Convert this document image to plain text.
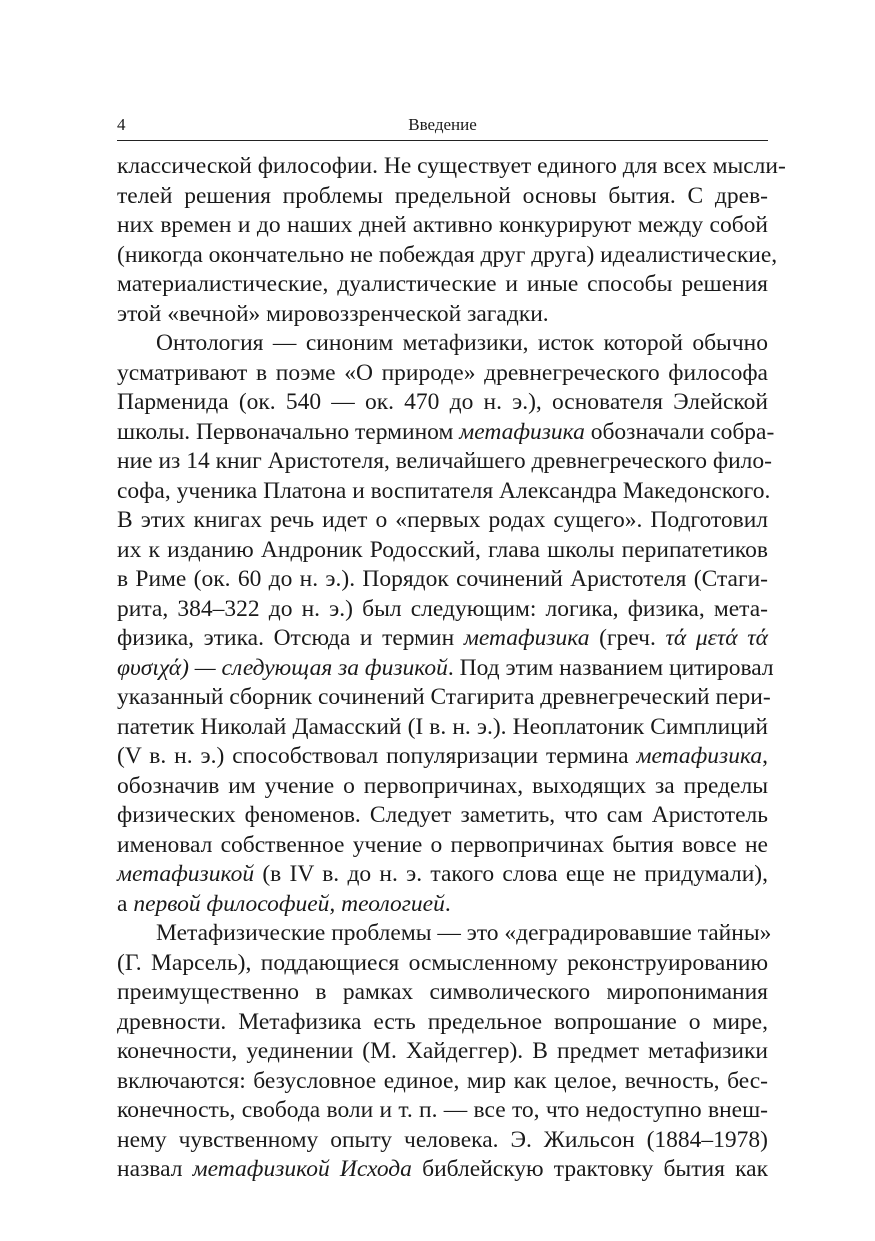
4	Введение
классической философии. Не существует единого для всех мысли-
телей решения проблемы предельной основы бытия. С древ-
них времен и до наших дней активно конкурируют между собой
(никогда окончательно не побеждая друг друга) идеалистические,
материалистические, дуалистические и иные способы решения
этой «вечной» мировоззренческой загадки.
Онтология — синоним метафизики, исток которой обычно
усматривают в поэме «О природе» древнегреческого философа
Парменида (ок. 540 — ок. 470 до н. э.), основателя Элейской
школы. Первоначально термином метафизика обозначали собра-
ние из 14 книг Аристотеля, величайшего древнегреческого фило-
софа, ученика Платона и воспитателя Александра Македонского.
В этих книгах речь идет о «первых родах сущего». Подготовил
их к изданию Андроник Родосский, глава школы перипатетиков
в Риме (ок. 60 до н. э.). Порядок сочинений Аристотеля (Стаги-
рита, 384–322 до н. э.) был следующим: логика, физика, мета-
физика, этика. Отсюда и термин метафизика (греч. τά μετά τά
φυσιχά) — следующая за физикой. Под этим названием цитировал
указанный сборник сочинений Стагирита древнегреческий пери-
патетик Николай Дамасский (I в. н. э.). Неоплатоник Симплиций
(V в. н. э.) способствовал популяризации термина метафизика,
обозначив им учение о первопричинах, выходящих за пределы
физических феноменов. Следует заметить, что сам Аристотель
именовал собственное учение о первопричинах бытия вовсе не
метафизикой (в IV в. до н. э. такого слова еще не придумали),
а первой философией, теологией.
Метафизические проблемы — это «деградировавшие тайны»
(Г. Марсель), поддающиеся осмысленному реконструированию
преимущественно в рамках символического миропонимания
древности. Метафизика есть предельное вопрошание о мире,
конечности, уединении (М. Хайдеггер). В предмет метафизики
включаются: безусловное единое, мир как целое, вечность, бес-
конечность, свобода воли и т. п. — все то, что недоступно внеш-
нему чувственному опыту человека. Э. Жильсон (1884–1978)
назвал метафизикой Исхода библейскую трактовку бытия как
